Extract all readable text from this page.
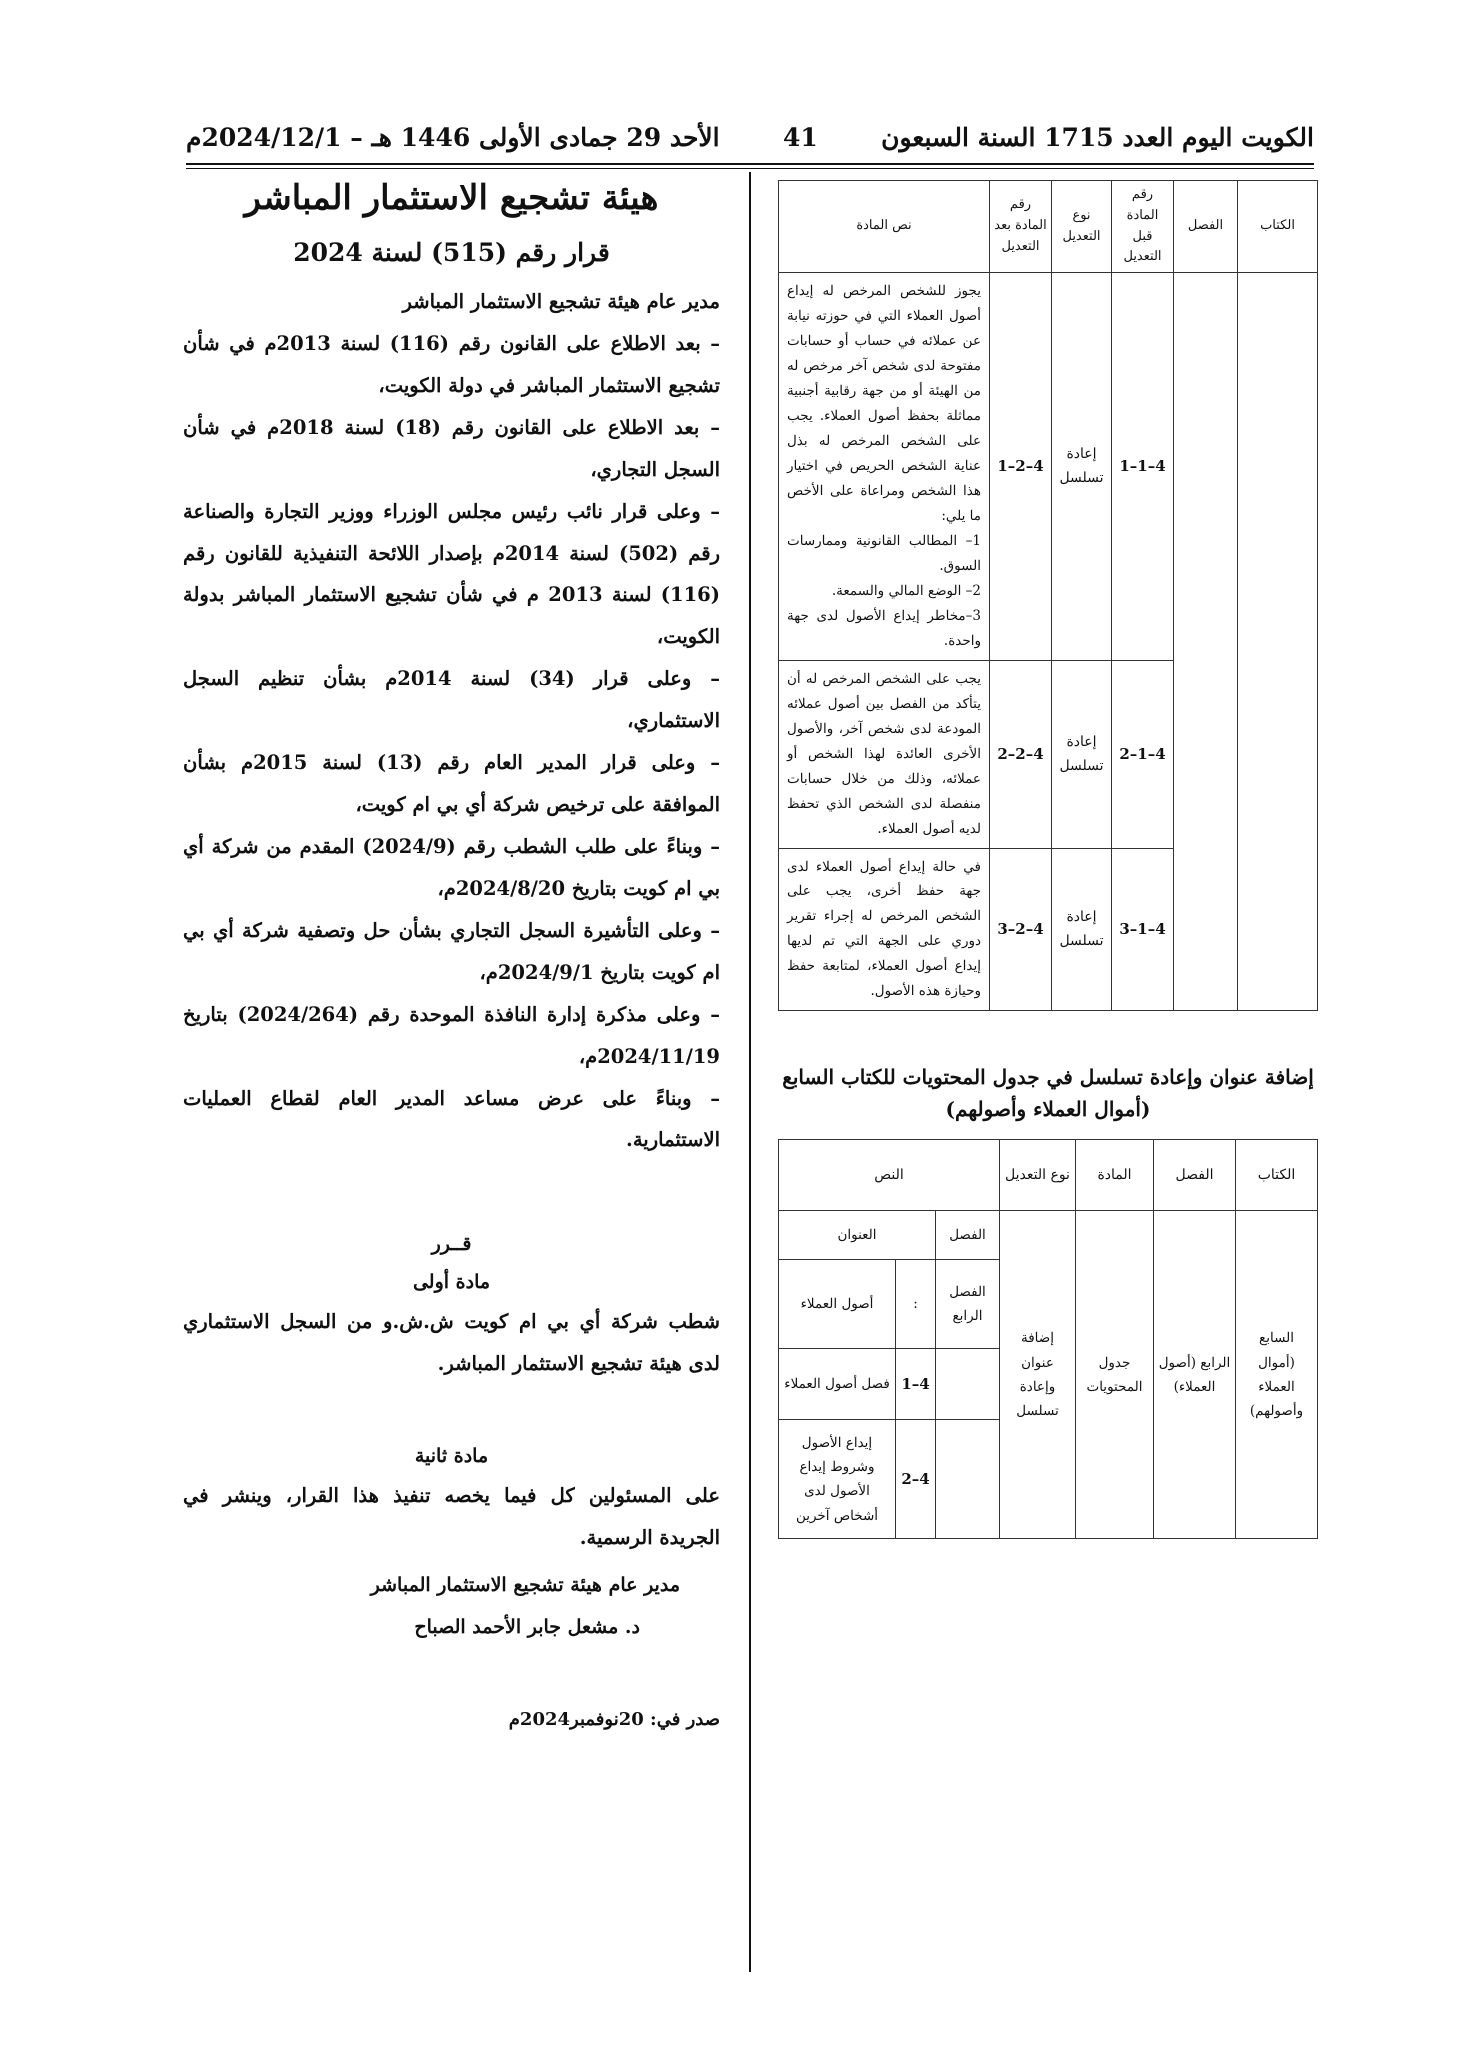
الكويت اليوم العدد 1715 السنة السبعون
41
الأحد 29 جمادى الأولى 1446 هـ – 2024/12/1م
الكتاب	الفصل	رقم المادة قبل التعديل	نوع التعديل	رقم المادة بعد التعديل	نص المادة
		4–1–1	إعادة تسلسل	4–2–1	يجوز للشخص المرخص له إيداع أصول العملاء التي في حوزته نيابة عن عملائه في حساب أو حسابات مفتوحة لدى شخص آخر مرخص له من الهيئة أو من جهة رقابية أجنبية مماثلة بحفظ أصول العملاء. يجب على الشخص المرخص له بذل عناية الشخص الحريص في اختيار هذا الشخص ومراعاة على الأخص ما يلي:
1– المطالب القانونية وممارسات السوق.
2– الوضع المالي والسمعة.
3–مخاطر إيداع الأصول لدى جهة واحدة.

		4–1–2	إعادة تسلسل	4–2–2	يجب على الشخص المرخص له أن يتأكد من الفصل بين أصول عملائه المودعة لدى شخص آخر، والأصول الأخرى العائدة لهذا الشخص أو عملائه، وذلك من خلال حسابات منفصلة لدى الشخص الذي تحفظ لديه أصول العملاء.

		4–1–3	إعادة تسلسل	4–2–3	في حالة إيداع أصول العملاء لدى جهة حفظ أخرى، يجب على الشخص المرخص له إجراء تقرير دوري على الجهة التي تم لديها إيداع أصول العملاء، لمتابعة حفظ وحيازة هذه الأصول.
إضافة عنوان وإعادة تسلسل في جدول المحتويات للكتاب السابع
(أموال العملاء وأصولهم)
الكتاب	الفصل	المادة	نوع التعديل	النص		
السابع (أموال العملاء وأصولهم)	الرابع (أصول العملاء)	جدول المحتويات	إضافة عنوان وإعادة تسلسل	الفصل	العنوان	
				الفصل الرابع	:	أصول العملاء
					4–1	فصل أصول العملاء
					4–2	إيداع الأصول وشروط إيداع الأصول لدى أشخاص آخرين
هيئة تشجيع الاستثمار المباشر
قرار رقم (515) لسنة 2024

مدير عام هيئة تشجيع الاستثمار المباشر

– بعد الاطلاع على القانون رقم (116) لسنة 2013م في شأن تشجيع الاستثمار المباشر في دولة الكويت،

– بعد الاطلاع على القانون رقم (18) لسنة 2018م في شأن السجل التجاري،

– وعلى قرار نائب رئيس مجلس الوزراء ووزير التجارة والصناعة رقم (502) لسنة 2014م بإصدار اللائحة التنفيذية للقانون رقم (116) لسنة 2013 م في شأن تشجيع الاستثمار المباشر بدولة الكويت،

– وعلى قرار (34) لسنة 2014م بشأن تنظيم السجل الاستثماري،

– وعلى قرار المدير العام رقم (13) لسنة 2015م بشأن الموافقة على ترخيص شركة أي بي ام كويت،

– وبناءً على طلب الشطب رقم (2024/9) المقدم من شركة أي بي ام كويت بتاريخ 2024/8/20م،

– وعلى التأشيرة السجل التجاري بشأن حل وتصفية شركة أي بي ام كويت بتاريخ 2024/9/1م،

– وعلى مذكرة إدارة النافذة الموحدة رقم (2024/264) بتاريخ 2024/11/19م،

– وبناءً على عرض مساعد المدير العام لقطاع العمليات الاستثمارية.

قــرر
مادة أولى

شطب شركة أي بي ام كويت ش.ش.و من السجل الاستثماري لدى هيئة تشجيع الاستثمار المباشر.

مادة ثانية

على المسئولين كل فيما يخصه تنفيذ هذا القرار، وينشر في الجريدة الرسمية.

مدير عام هيئة تشجيع الاستثمار المباشر
د. مشعل جابر الأحمد الصباح
صدر في: 20نوفمبر2024م
